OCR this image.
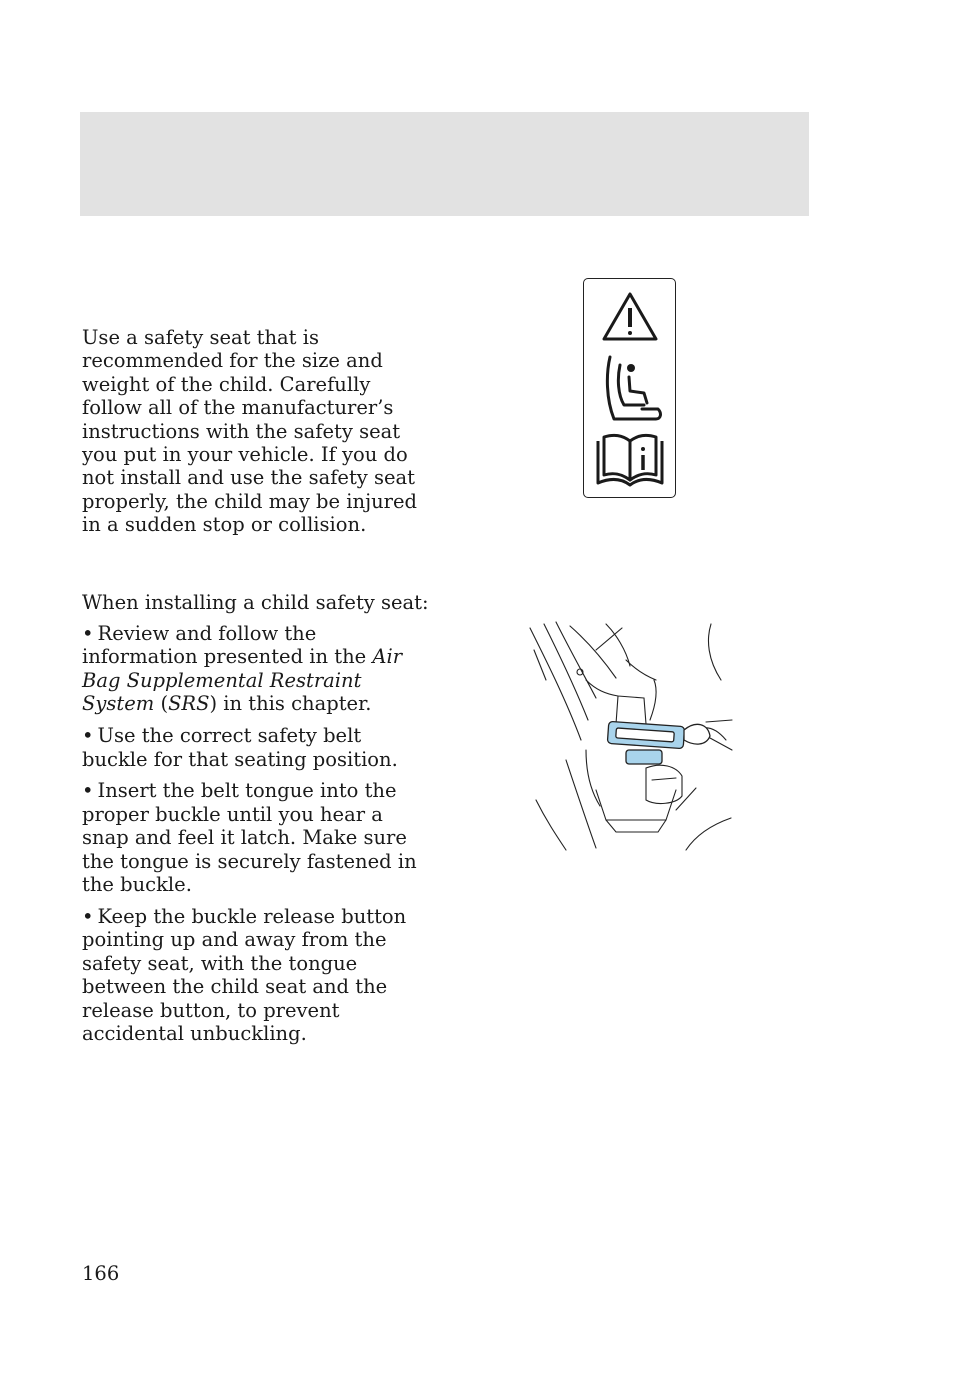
Use a safety seat that is recommended for the size and weight of the child. Carefully follow all of the manufacturer’s instructions with the safety seat you put in your vehicle. If you do not install and use the safety seat properly, the child may be injured in a sudden stop or collision.

When installing a child safety seat:

• Review and follow the information presented in the Air Bag Supplemental Restraint System (SRS) in this chapter.
• Use the correct safety belt buckle for that seating position.
• Insert the belt tongue into the proper buckle until you hear a snap and feel it latch. Make sure the tongue is securely fastened in the buckle.
• Keep the buckle release button pointing up and away from the safety seat, with the tongue between the child seat and the release button, to prevent accidental unbuckling.

166
